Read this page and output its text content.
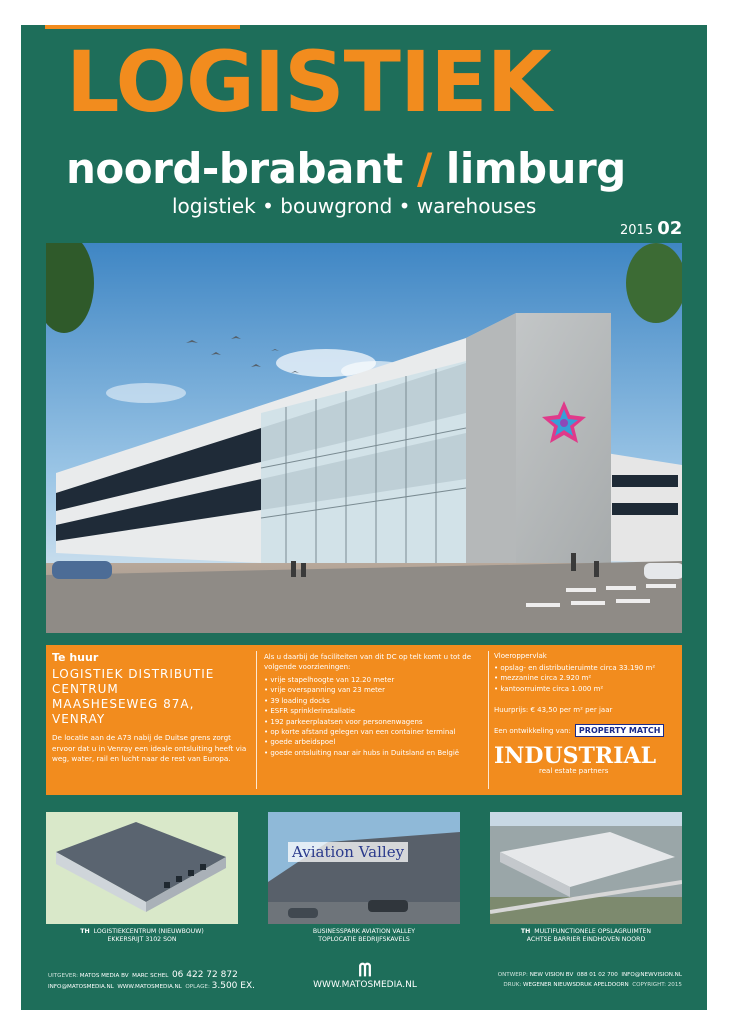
LOGISTIEK
noord-brabant / limburg
logistiek • bouwgrond • warehouses
2015 02
Te huur
LOGISTIEK DISTRIBUTIE
CENTRUM
MAASHESEWEG 87A,
VENRAY
De locatie aan de A73 nabij de Duitse grens zorgt ervoor dat u in Venray een ideale ontsluiting heeft via weg, water, rail en lucht naar de rest van Europa.
Als u daarbij de faciliteiten van dit DC op telt komt u tot de volgende voorzieningen:
• vrije stapelhoogte van 12.20 meter
• vrije overspanning van 23 meter
• 39 loading docks
• ESFR sprinklerinstallatie
• 192 parkeerplaatsen voor personenwagens
• op korte afstand gelegen van een container terminal
• goede arbeidspoel
• goede ontsluiting naar air hubs in Duitsland en België
Vloeroppervlak
• opslag- en distributieruimte circa 33.190 m²
• mezzanine circa 2.920 m²
• kantoorruimte circa 1.000 m²
Huurprijs: € 43,50 per m² per jaar
Een ontwikkeling van:	PROPERTY MATCH
INDUSTRIAL
real estate partners
TH LOGISTIEKCENTRUM (NIEUWBOUW)
EKKERSRIJT 3102 SON
Aviation Valley
BUSINESSPARK AVIATION VALLEY
TOPLOCATIE BEDRIJFSKAVELS
TH MULTIFUNCTIONELE OPSLAGRUIMTEN
ACHTSE BARRIER EINDHOVEN NOORD
UITGEVER: MATOS MEDIA BV MARC SCHEL 06 422 72 872
INFO@MATOSMEDIA.NL WWW.MATOSMEDIA.NL OPLAGE: 3.500 EX.
ᗰ
WWW.MATOSMEDIA.NL
ONTWERP: NEW VISION BV 088 01 02 700 INFO@NEWVISION.NL
DRUK: WEGENER NIEUWSDRUK APELDOORN COPYRIGHT: 2015
